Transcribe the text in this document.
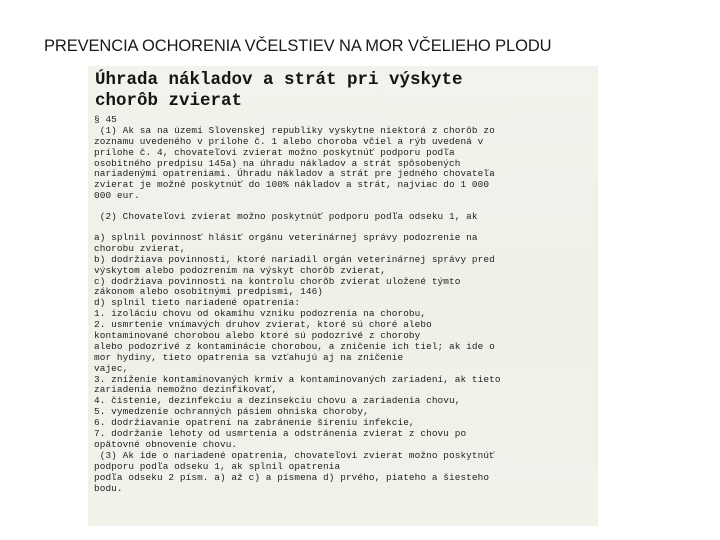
PREVENCIA OCHORENIA VČELSTIEV NA MOR VČELIEHO PLODU
Úhrada nákladov a strát pri výskyte
chorôb zvierat
§ 45
(1) Ak sa na území Slovenskej republiky vyskytne niektorá z chorôb zo
zoznamu uvedeného v prílohe č. 1 alebo choroba včiel a rýb uvedená v
prílohe č. 4, chovateľovi zvierat možno poskytnúť podporu podľa
osobitného predpisu 145a) na úhradu nákladov a strát spôsobených
nariadenými opatreniami. Úhradu nákladov a strát pre jedného chovateľa
zvierat je možné poskytnúť do 100% nákladov a strát, najviac do 1 000
000 eur.
(2) Chovateľovi zvierat možno poskytnúť podporu podľa odseku 1, ak
a) splnil povinnosť hlásiť orgánu veterinárnej správy podozrenie na
chorobu zvierat,
b) dodržiava povinnosti, ktoré nariadil orgán veterinárnej správy pred
výskytom alebo podozrením na výskyt chorôb zvierat,
c) dodržiava povinnosti na kontrolu chorôb zvierat uložené týmto
zákonom alebo osobitnými predpismi, 146)
d) splnil tieto nariadené opatrenia:
1. izoláciu chovu od okamihu vzniku podozrenia na chorobu,
2. usmrtenie vnímavých druhov zvierat, ktoré sú choré alebo
kontaminované chorobou alebo ktoré sú podozrivé z choroby
alebo podozrivé z kontaminácie chorobou, a zničenie ich tiel; ak ide o
mor hydiny, tieto opatrenia sa vzťahujú aj na zničenie
vajec,
3. zníženie kontaminovaných krmív a kontaminovaných zariadení, ak tieto
zariadenia nemožno dezinfikovať,
4. čistenie, dezinfekciu a dezinsekciu chovu a zariadenia chovu,
5. vymedzenie ochranných pásiem ohniska choroby,
6. dodržiavanie opatrení na zabránenie šíreniu infekcie,
7. dodržanie lehoty od usmrtenia a odstránenia zvierat z chovu po
opätovné obnovenie chovu.
(3) Ak ide o nariadené opatrenia, chovateľovi zvierat možno poskytnúť
podporu podľa odseku 1, ak splnil opatrenia
podľa odseku 2 písm. a) až c) a písmena d) prvého, piateho a šiesteho
bodu.
